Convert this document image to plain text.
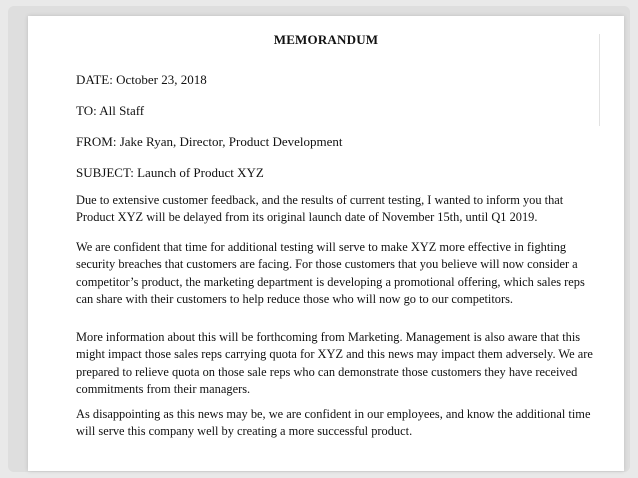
MEMORANDUM
DATE: October 23, 2018
TO: All Staff
FROM: Jake Ryan, Director, Product Development
SUBJECT: Launch of Product XYZ

Due to extensive customer feedback, and the results of current testing, I wanted to inform you that Product XYZ will be delayed from its original launch date of November 15th, until Q1 2019.

We are confident that time for additional testing will serve to make XYZ more effective in fighting security breaches that customers are facing. For those customers that you believe will now consider a competitor’s product, the marketing department is developing a promotional offering, which sales reps can share with their customers to help reduce those who will now go to our competitors.

More information about this will be forthcoming from Marketing. Management is also aware that this might impact those sales reps carrying quota for XYZ and this news may impact them adversely. We are prepared to relieve quota on those sale reps who can demonstrate those customers they have received commitments from their managers.

As disappointing as this news may be, we are confident in our employees, and know the additional time will serve this company well by creating a more successful product.
